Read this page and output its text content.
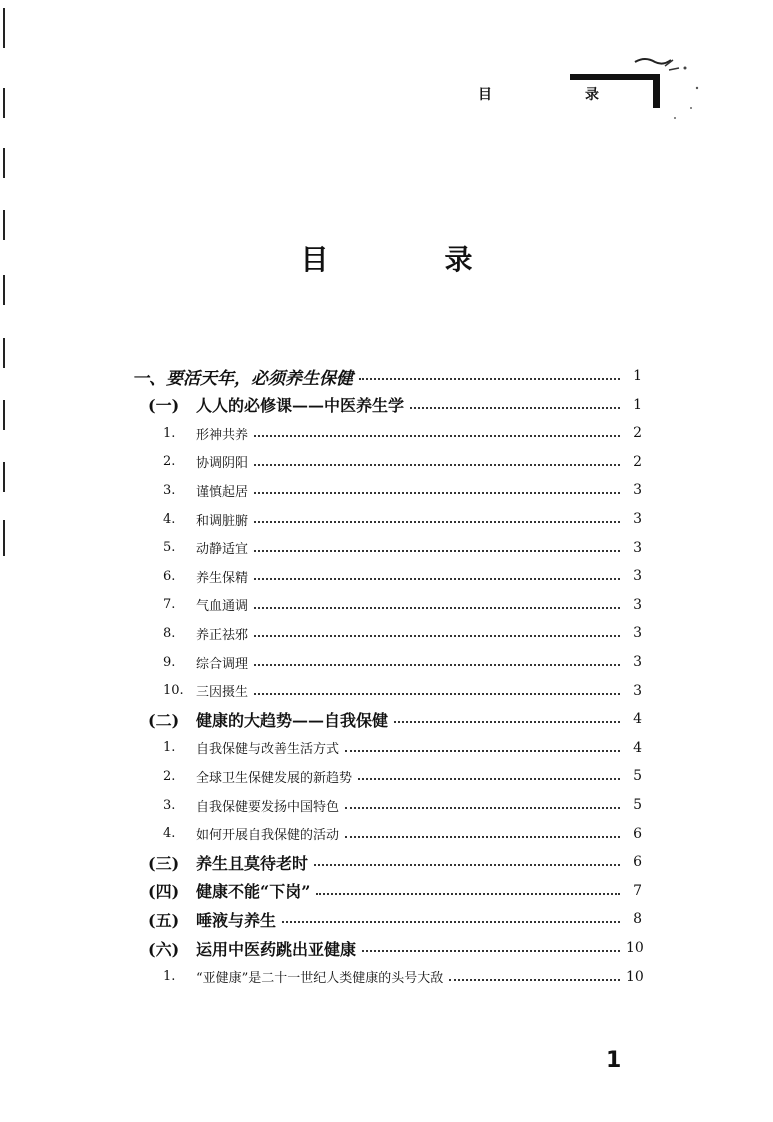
目	录
目　录
一、要活天年，必须养生保健	1
(一)	人人的必修课——中医养生学	1
1.	形神共养	2
2.	协调阴阳	2
3.	谨慎起居	3
4.	和调脏腑	3
5.	动静适宜	3
6.	养生保精	3
7.	气血通调	3
8.	养正祛邪	3
9.	综合调理	3
10. 三因摄生	3
(二)	健康的大趋势——自我保健	4
1.	自我保健与改善生活方式	4
2.	全球卫生保健发展的新趋势	5
3.	自我保健要发扬中国特色	5
4.	如何开展自我保健的活动	6
(三)	养生且莫待老时	6
(四)	健康不能“下岗”	7
(五)	唾液与养生	8
(六)	运用中医药跳出亚健康	10
1.	“亚健康”是二十一世纪人类健康的头号大敌	10
1
